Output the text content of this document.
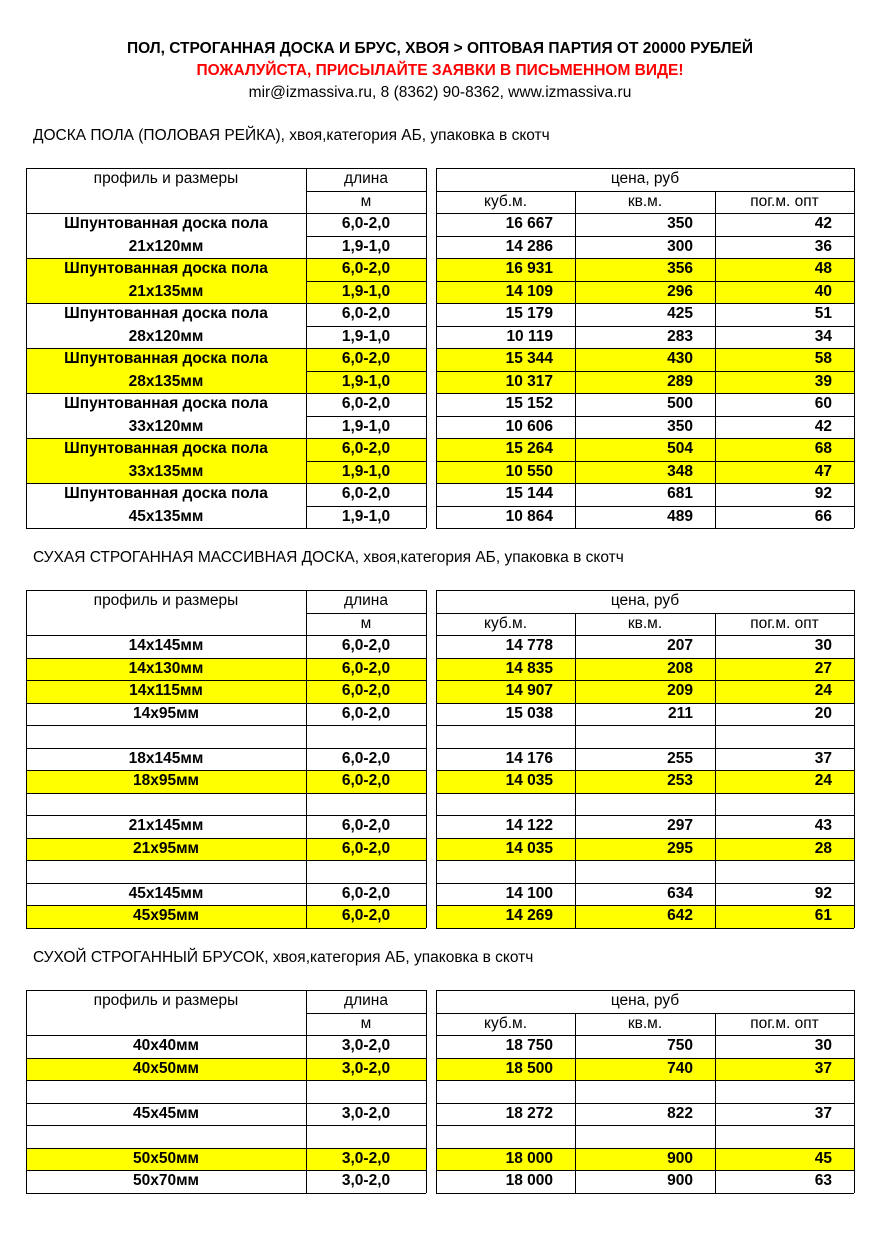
ПОЛ, СТРОГАННАЯ ДОСКА И БРУС, ХВОЯ > ОПТОВАЯ ПАРТИЯ ОТ 20000 РУБЛЕЙ
ПОЖАЛУЙСТА, ПРИСЫЛАЙТЕ ЗАЯВКИ В ПИСЬМЕННОМ ВИДЕ!
mir@izmassiva.ru, 8 (8362) 90-8362, www.izmassiva.ru
ДОСКА ПОЛА (ПОЛОВАЯ РЕЙКА), хвоя,категория АБ, упаковка в скотч
СУХАЯ СТРОГАННАЯ МАССИВНАЯ ДОСКА, хвоя,категория АБ, упаковка в скотч
СУХОЙ СТРОГАННЫЙ БРУСОК, хвоя,категория АБ, упаковка в скотч
профиль и размеры	длина
м
цена, руб
куб.м.	кв.м.	пог.м. опт
Шпунтованная доска пола	6,0-2,0	16 667	350	42
21x120мм	1,9-1,0	14 286	300	36
Шпунтованная доска пола	6,0-2,0	16 931	356	48
21x135мм	1,9-1,0	14 109	296	40
Шпунтованная доска пола	6,0-2,0	15 179	425	51
28x120мм	1,9-1,0	10 119	283	34
Шпунтованная доска пола	6,0-2,0	15 344	430	58
28x135мм	1,9-1,0	10 317	289	39
Шпунтованная доска пола	6,0-2,0	15 152	500	60
33x120мм	1,9-1,0	10 606	350	42
Шпунтованная доска пола	6,0-2,0	15 264	504	68
33x135мм	1,9-1,0	10 550	348	47
Шпунтованная доска пола	6,0-2,0	15 144	681	92
45x135мм	1,9-1,0	10 864	489	66
профиль и размеры	длина
м
цена, руб
куб.м.	кв.м.	пог.м. опт
14x145мм	6,0-2,0	14 778	207	30
14x130мм	6,0-2,0	14 835	208	27
14x115мм	6,0-2,0	14 907	209	24
14x95мм	6,0-2,0	15 038	211	20
18x145мм	6,0-2,0	14 176	255	37
18x95мм	6,0-2,0	14 035	253	24
21x145мм	6,0-2,0	14 122	297	43
21x95мм	6,0-2,0	14 035	295	28
45x145мм	6,0-2,0	14 100	634	92
45x95мм	6,0-2,0	14 269	642	61
профиль и размеры	длина
м
цена, руб
куб.м.	кв.м.	пог.м. опт
40x40мм	3,0-2,0	18 750	750	30
40x50мм	3,0-2,0	18 500	740	37
45x45мм	3,0-2,0	18 272	822	37
50x50мм	3,0-2,0	18 000	900	45
50x70мм	3,0-2,0	18 000	900	63
